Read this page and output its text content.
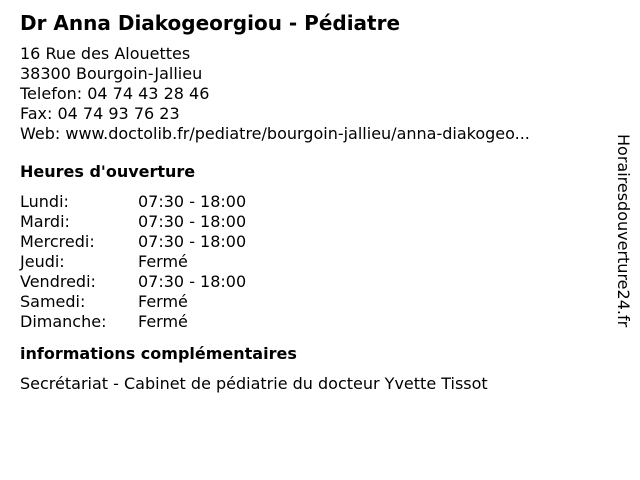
Dr Anna Diakogeorgiou - Pédiatre
16 Rue des Alouettes
38300 Bourgoin-Jallieu
Telefon: 04 74 43 28 46
Fax: 04 74 93 76 23
Web: www.doctolib.fr/pediatre/bourgoin-jallieu/anna-diakogeo...
Heures d'ouverture
Lundi:	07:30 - 18:00
Mardi:	07:30 - 18:00
Mercredi:	07:30 - 18:00
Jeudi:	Fermé
Vendredi:	07:30 - 18:00
Samedi:	Fermé
Dimanche:	Fermé
informations complémentaires
Secrétariat - Cabinet de pédiatrie du docteur Yvette Tissot
Horairesdouverture24.fr
